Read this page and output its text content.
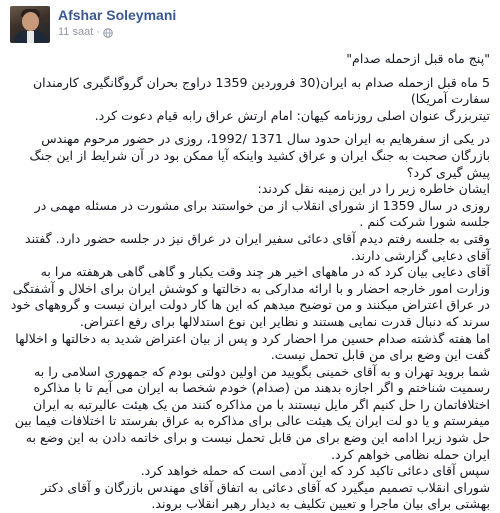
Afshar Soleymani
11 saat ·

"پنج ماه قبل ازحمله صدام"

5 ماه قبل ازحمله صدام به ایران(30 فروردین 1359 دراوج بحران گروگانگیری کارمندان سفارت آمریکا)

تیتربزرگ عنوان اصلی روزنامه کیهان: امام ارتش عراق رابه قیام دعوت کرد.

در یکی از سفرهایم به ایران حدود سال 1371 /1992، روزی در حضور مرحوم مهندس بازرگان صحبت به جنگ ایران و عراق کشید واینکه آیا ممکن بود در آن شرایط از این جنگ پیش گیری کرد؟

ایشان خاطره زیر را در این زمینه نقل کردند:

روزی در سال 1359 از شورای انقلاب از من خواستند برای مشورت در مسئله مهمی در جلسه شورا شرکت کنم .

وقتی به جلسه رفتم دیدم آقای دعائی سفیر ایران در عراق نیز در جلسه حضور دارد. گفتند آقای دعایی گزارشی دارند.

آقای دعایی بیان کرد که در ماههای اخیر هر چند وقت یکبار و گاهی گاهی هرهفته مرا به وزارت امور خارجه احضار و با ارائه مدارکی به دخالتها و کوشش ایران برای اخلال و آشفتگی در عراق اعتراض میکنند و من توضیح میدهم که این ها کار دولت ایران نیست و گروههای خود سرند که دنبال قدرت نمایی هستند و نظایر این نوع استدلالها برای رفع اعتراض.

اما هفته گذشته صدام حسین مرا احضار کرد و پس از بیان اعتراض شدید به دخالتها و اخلالها گفت این وضع برای من قابل تحمل نیست.

شما بروید تهران و به آقای خمینی بگویید من اولین دولتی بودم که جمهوری اسلامی را به رسمیت شناختم و اگر اجازه بدهند من (صدام) خودم شخصا به ایران می آیم تا با مذاکره اختلافاتمان را حل کنیم اگر مایل نیستند با من مذاکره کنند من یک هیئت عالیرتبه به ایران میفرستم و یا دو لت ایران یک هیئت عالی برای مذاکره به عراق بفرستد تا اختلافات فیما بین حل شود زیرا ادامه این وضع برای من قابل تحمل نیست و برای خاتمه دادن به این وضع به ایران حمله نظامی خواهم کرد.

سپس آقای دعائی تاکید کرد که این آدمی است که حمله خواهد کرد.

شورای انقلاب تصمیم میگیرد که آقای دعائی به اتفاق آقای مهندس بازرگان و آقای دکتر بهشتی برای بیان ماجرا و تعیین تکلیف به دیدار رهبر انقلاب بروند.
